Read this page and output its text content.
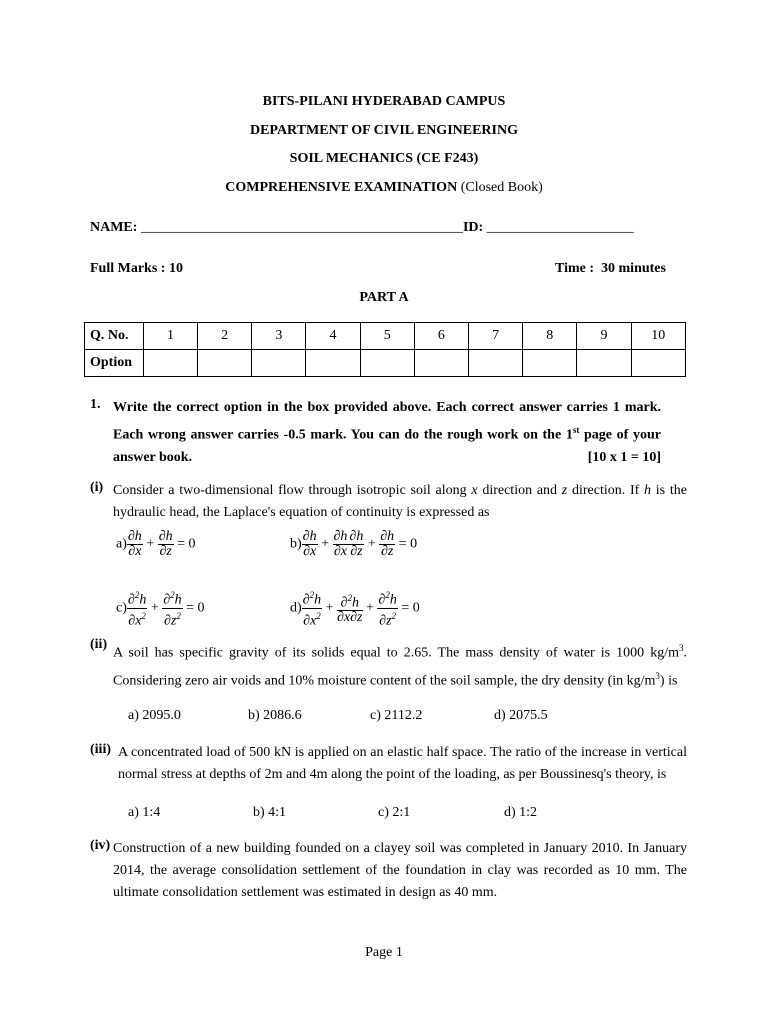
BITS-PILANI HYDERABAD CAMPUS
DEPARTMENT OF CIVIL ENGINEERING
SOIL MECHANICS (CE F243)
COMPREHENSIVE EXAMINATION (Closed Book)
NAME: ______________________________________________ID: _____________________
Full Marks : 10	Time :  30 minutes
PART A
Q. No.	1	2	3	4	5	6	7	8	9	10
Option										
1. Write the correct option in the box provided above. Each correct answer carries 1 mark. Each wrong answer carries -0.5 mark. You can do the rough work on the 1st page of your answer book.	[10 x 1 = 10]
(i) Consider a two-dimensional flow through isotropic soil along x direction and z direction. If h is the hydraulic head, the Laplace's equation of continuity is expressed as
$a) \frac{\partial h}{\partial x} + \frac{\partial h}{\partial z} = 0$	$b) \frac{\partial h}{\partial x} + \frac{\partial h}{\partial x} \frac{\partial h}{\partial z} + \frac{\partial h}{\partial z} = 0$
$c) \frac{\partial^2h}{\partial x^2} + \frac{\partial^2h}{\partial z^2} = 0$	$d) \frac{\partial^2h}{\partial x^2} + \frac{\partial^2h}{\partial x\partial z} + \frac{\partial^2h}{\partial z^2} = 0$
(ii)
A soil has specific gravity of its solids equal to 2.65. The mass density of water is 1000 $kg/m^3$. Considering zero air voids and 10% moisture content of the soil sample, the dry density (in $kg/m^3$) is
a) 2095.0	b) 2086.6	c) 2112.2	d) 2075.5
(iii) A concentrated load of 500 kN is applied on an elastic half space. The ratio of the increase in vertical normal stress at depths of 2m and 4m along the point of the loading, as per Boussinesq's theory, is
a) 1:4	b) 4:1	c) 2:1	d) 1:2
(iv) Construction of a new building founded on a clayey soil was completed in January 2010. In January 2014, the average consolidation settlement of the foundation in clay was recorded as 10 mm. The ultimate consolidation settlement was estimated in design as 40 mm.
Page 1
